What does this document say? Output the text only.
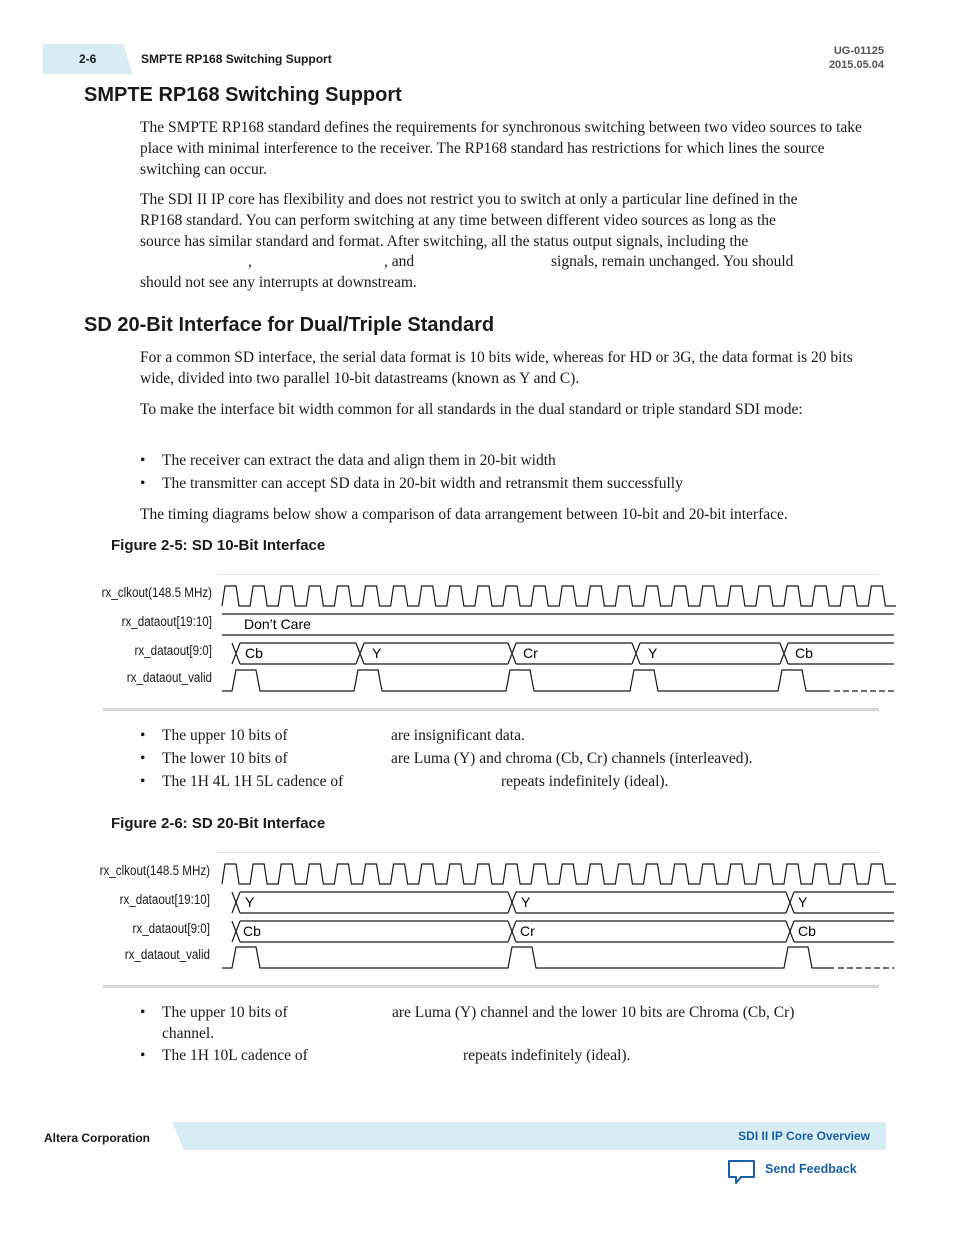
2-6	SMPTE RP168 Switching Support
UG-01125
2015.05.04
SMPTE RP168 Switching Support

The SMPTE RP168 standard defines the requirements for synchronous switching between two video sources to take place with minimal interference to the receiver. The RP168 standard has restrictions for which lines the source switching can occur.

The SDI II IP core has flexibility and does not restrict you to switch at only a particular line defined in the
RP168 standard. You can perform switching at any time between different video sources as long as the
source has similar standard and format. After switching, all the status output signals, including the
,	, and	signals, remain unchanged. You should
should not see any interrupts at downstream.
SD 20-Bit Interface for Dual/Triple Standard

For a common SD interface, the serial data format is 10 bits wide, whereas for HD or 3G, the data format is 20 bits wide, divided into two parallel 10-bit datastreams (known as Y and C).

To make the interface bit width common for all standards in the dual standard or triple standard SDI mode:

• The receiver can extract the data and align them in 20-bit width
• The transmitter can accept SD data in 20-bit width and retransmit them successfully

The timing diagrams below show a comparison of data arrangement between 10-bit and 20-bit interface.

Figure 2-5: SD 10-Bit Interface
rx_clkout(148.5 MHz)
rx_dataout[19:10]
rx_dataout[9:0]
rx_dataout_valid
Don’t Care
Cb	Y	Cr	Y	Cb
• The upper 10 bits of	are insignificant data.
• The lower 10 bits of	are Luma (Y) and chroma (Cb, Cr) channels (interleaved).
• The 1H 4L 1H 5L cadence of	repeats indefinitely (ideal).
Figure 2-6: SD 20-Bit Interface
rx_clkout(148.5 MHz)
rx_dataout[19:10]
rx_dataout[9:0]
rx_dataout_valid
Y	Y	Y
Cb	Cr	Cb
• The upper 10 bits of	are Luma (Y) channel and the lower 10 bits are Chroma (Cb, Cr)

channel.
• The 1H 10L cadence of	repeats indefinitely (ideal).
Altera Corporation	SDI II IP Core Overview
Send Feedback
